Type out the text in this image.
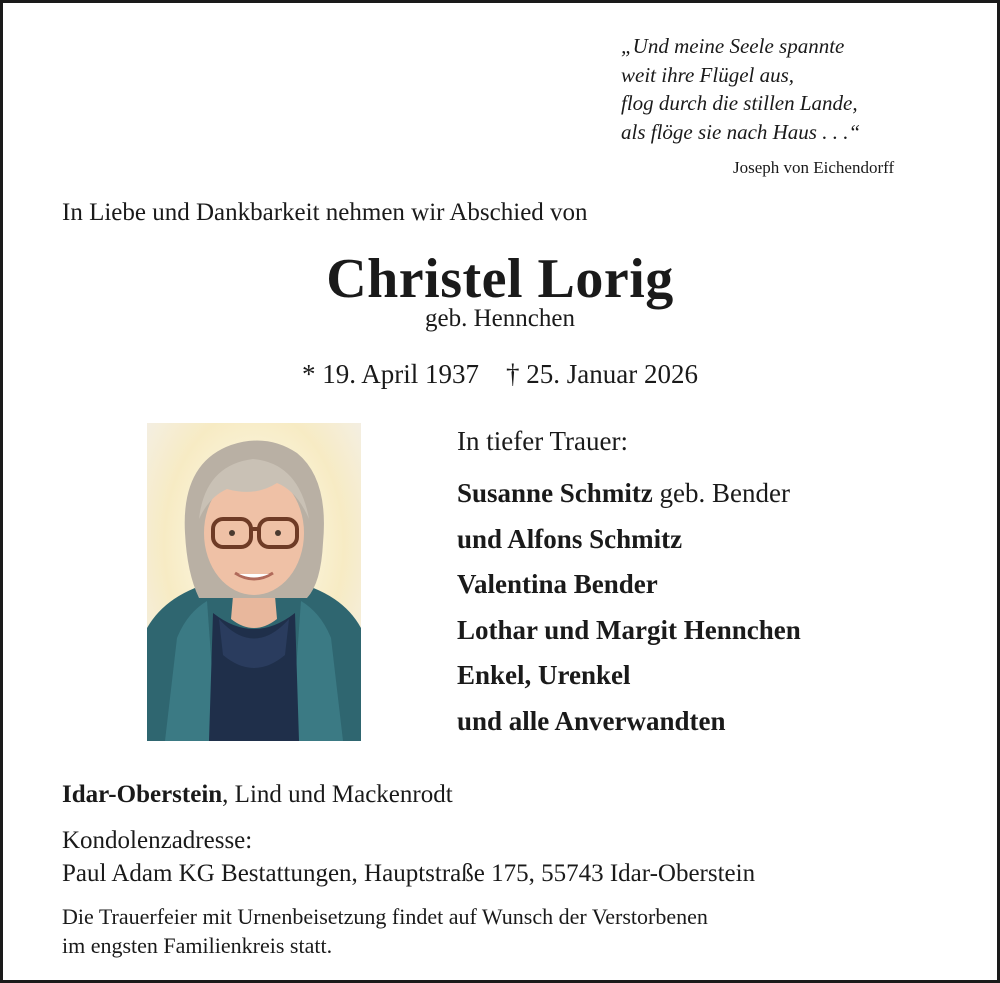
„Und meine Seele spannte
weit ihre Flügel aus,
flog durch die stillen Lande,
als flöge sie nach Haus . . .“
Joseph von Eichendorff
In Liebe und Dankbarkeit nehmen wir Abschied von
Christel Lorig
geb. Hennchen
* 19. April 1937    † 25. Januar 2026
In tiefer Trauer:
Susanne Schmitz geb. Bender
und Alfons Schmitz
Valentina Bender
Lothar und Margit Hennchen
Enkel, Urenkel
und alle Anverwandten
Idar-Oberstein, Lind und Mackenrodt
Kondolenzadresse:
Paul Adam KG Bestattungen, Hauptstraße 175, 55743 Idar-Oberstein
Die Trauerfeier mit Urnenbeisetzung findet auf Wunsch der Verstorbenen
im engsten Familienkreis statt.
